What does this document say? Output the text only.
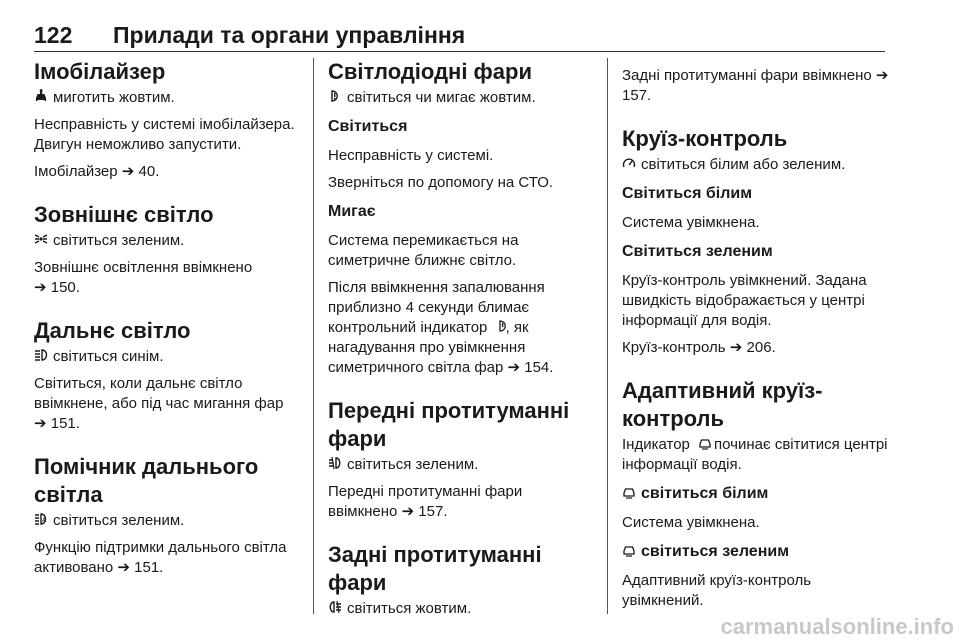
122 Прилади та органи управління
Імобілайзер

миготить жовтим.

Несправність у системі імобілайзера. Двигун неможливо запустити.

Імобілайзер ➔ 40.

Зовнішнє світло

світиться зеленим.

Зовнішнє освітлення ввімкнено

➔ 150.

Дальнє світло

світиться синім.

Світиться, коли дальнє світло ввімкнене, або під час мигання фар

➔ 151.

Помічник дальнього світла

A світиться зеленим.

Функцію підтримки дальнього світла активовано ➔ 151.

Світлодіодні фари

світиться чи мигає жовтим.

Світиться

Несправність у системі.

Зверніться по допомогу на СТО.

Мигає

Система перемикається на симетричне ближнє світло.

Після ввімкнення запалювання приблизно 4 секунди блимає контрольний індикатор , як нагадування про увімкнення симетричного світла фар ➔ 154.

Передні протитуманні фари

світиться зеленим.

Передні протитуманні фари ввімкнено ➔ 157.

Задні протитуманні фари

світиться жовтим.

Задні протитуманні фари ввімкнено ➔ 157.

Круїз-контроль

світиться білим або зеленим.

Світиться білим

Система увімкнена.

Світиться зеленим

Круїз-контроль увімкнений. Задана швидкість відображається у центрі інформації для водія.

Круїз-контроль ➔ 206.

Адаптивний круїз-контроль

Індикатор починає світитися центрі інформації водія.

світиться білим

Система увімкнена.

світиться зеленим

Адаптивний круїз-контроль увімкнений.

carmanualsonline.info
